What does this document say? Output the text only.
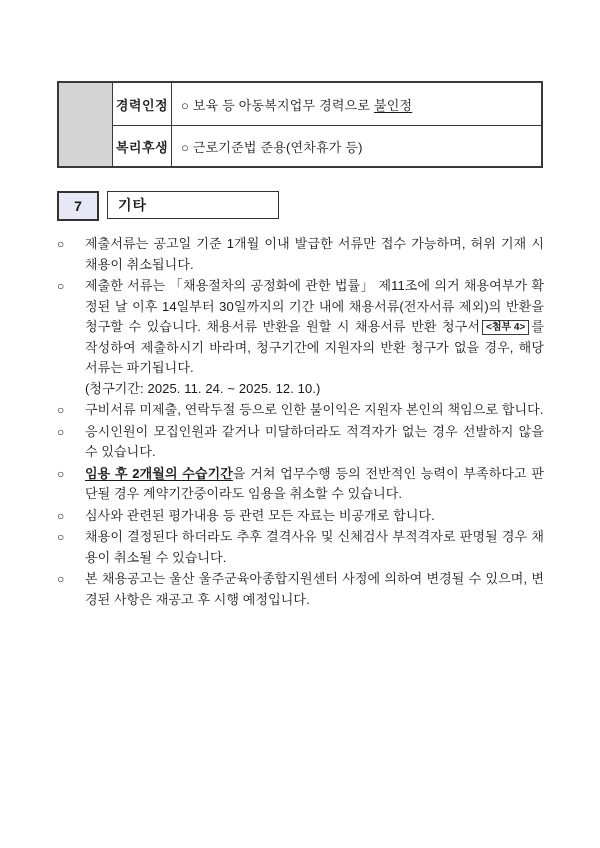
경력인정 ○ 보육 등 아동복지업무 경력으로 불인정
복리후생 ○ 근로기준법 준용(연차휴가 등)
7	기타
○	제출서류는 공고일 기준 1개월 이내 발급한 서류만 접수 가능하며, 허위 기재 시 채용이 취소됩니다.
○	제출한 서류는 「채용절차의 공정화에 관한 법률」 제11조에 의거 채용여부가 확정된 날 이후 14일부터 30일까지의 기간 내에 채용서류(전자서류 제외)의 반환을 청구할 수 있습니다. 채용서류 반환을 원할 시 채용서류 반환 청구서 <첨부 4> 를 작성하여 제출하시기 바라며, 청구기간에 지원자의 반환 청구가 없을 경우, 해당 서류는 파기됩니다.
(청구기간: 2025. 11. 24. ~ 2025. 12. 10.)
○	구비서류 미제출, 연락두절 등으로 인한 불이익은 지원자 본인의 책임으로 합니다.
○	응시인원이 모집인원과 같거나 미달하더라도 적격자가 없는 경우 선발하지 않을 수 있습니다.
○	임용 후 2개월의 수습기간을 거쳐 업무수행 등의 전반적인 능력이 부족하다고 판단될 경우 계약기간중이라도 임용을 취소할 수 있습니다.
○	심사와 관련된 평가내용 등 관련 모든 자료는 비공개로 합니다.
○	채용이 결정된다 하더라도 추후 결격사유 및 신체검사 부적격자로 판명될 경우 채용이 취소될 수 있습니다.
○	본 채용공고는 울산 울주군육아종합지원센터 사정에 의하여 변경될 수 있으며, 변경된 사항은 재공고 후 시행 예정입니다.
